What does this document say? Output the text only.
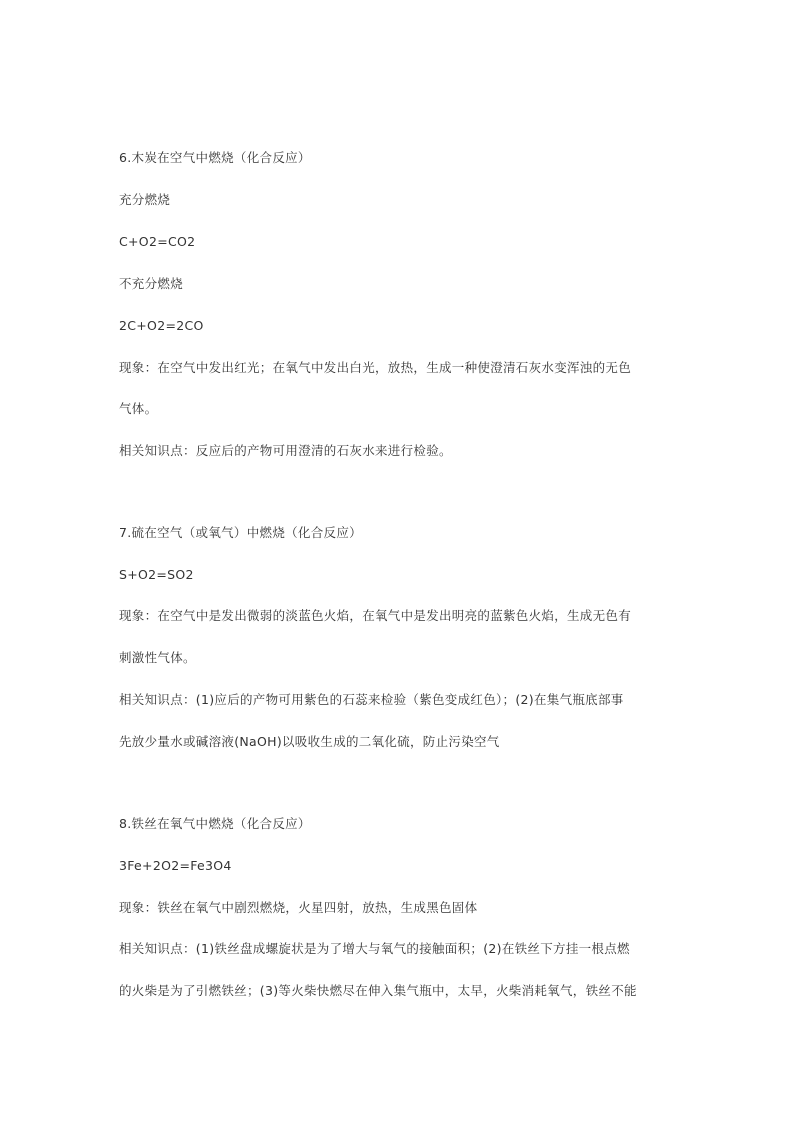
6.木炭在空气中燃烧（化合反应）
充分燃烧
C+O2=CO2
不充分燃烧
2C+O2=2CO
现象：在空气中发出红光；在氧气中发出白光，放热，生成一种使澄清石灰水变浑浊的无色
气体。
相关知识点：反应后的产物可用澄清的石灰水来进行检验。
7.硫在空气（或氧气）中燃烧（化合反应）
S+O2=SO2
现象：在空气中是发出微弱的淡蓝色火焰，在氧气中是发出明亮的蓝紫色火焰，生成无色有
刺激性气体。
相关知识点：(1)应后的产物可用紫色的石蕊来检验（紫色变成红色）；(2)在集气瓶底部事
先放少量水或碱溶液(NaOH)以吸收生成的二氧化硫，防止污染空气
8.铁丝在氧气中燃烧（化合反应）
3Fe+2O2=Fe3O4
现象：铁丝在氧气中剧烈燃烧，火星四射，放热，生成黑色固体
相关知识点：(1)铁丝盘成螺旋状是为了增大与氧气的接触面积；(2)在铁丝下方挂一根点燃
的火柴是为了引燃铁丝；(3)等火柴快燃尽在伸入集气瓶中，太早，火柴消耗氧气，铁丝不能
